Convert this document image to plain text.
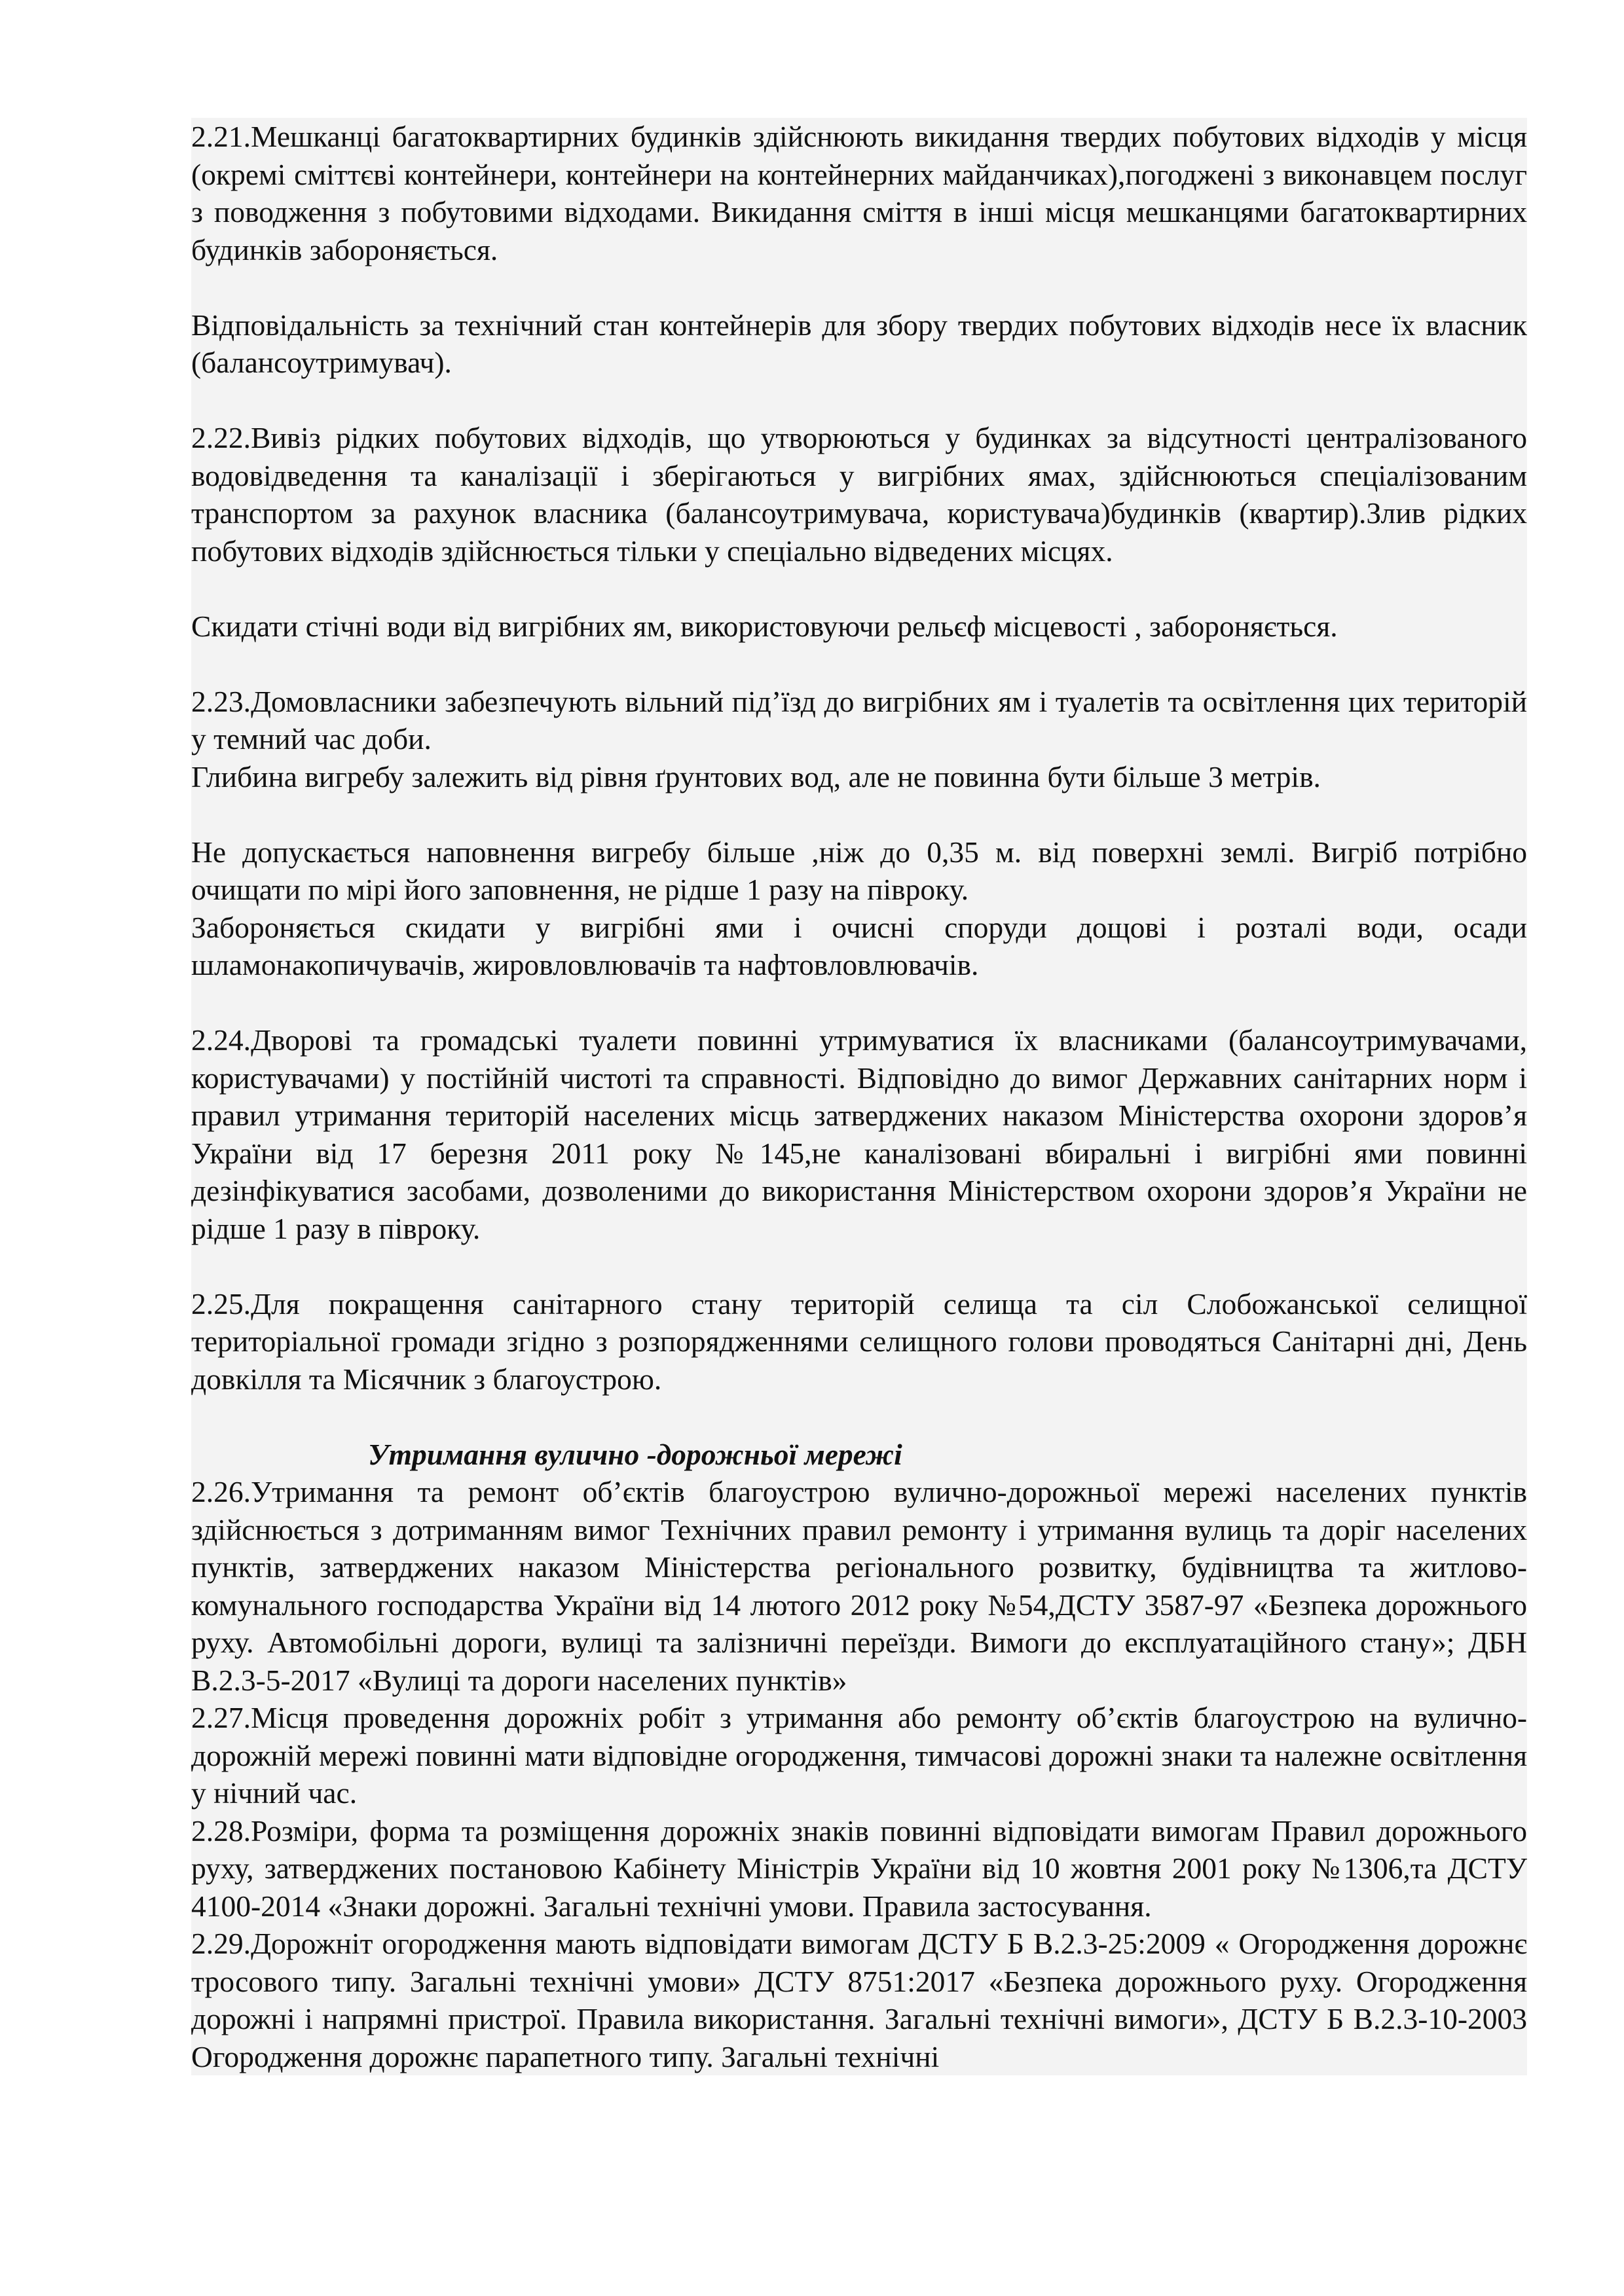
2.21.Мешканці багатоквартирних будинків здійснюють викидання твердих побутових відходів у місця (окремі сміттєві контейнери, контейнери на контейнерних майданчиках),погоджені з виконавцем послуг з поводження з побутовими відходами. Викидання сміття в інші місця мешканцями багатоквартирних будинків забороняється.

Відповідальність за технічний стан контейнерів для збору твердих побутових відходів несе їх власник (балансоутримувач).

2.22.Вивіз рідких побутових відходів, що утворюються у будинках за відсутності централізованого водовідведення та каналізації і зберігаються у вигрібних ямах, здійснюються спеціалізованим транспортом за рахунок власника (балансоутримувача, користувача)будинків (квартир).Злив рідких побутових відходів здійснюється тільки у спеціально відведених місцях.

Скидати стічні води від вигрібних ям, використовуючи рельєф місцевості , забороняється.

2.23.Домовласники забезпечують вільний під’їзд до вигрібних ям і туалетів та освітлення цих територій у темний час доби.

Глибина вигребу залежить від рівня ґрунтових вод, але не повинна бути більше 3 метрів.

Не допускається наповнення вигребу більше ,ніж до 0,35 м. від поверхні землі. Вигріб потрібно очищати по мірі його заповнення, не рідше 1 разу на півроку.

Забороняється скидати у вигрібні ями і очисні споруди дощові і розталі води, осади шламонакопичувачів, жировловлювачів та нафтовловлювачів.

2.24.Дворові та громадські туалети повинні утримуватися їх власниками (балансоутримувачами, користувачами) у постійній чистоті та справності. Відповідно до вимог Державних санітарних норм і правил утримання територій населених місць затверджених наказом Міністерства охорони здоров’я України від 17 березня 2011 року №145,не каналізовані вбиральні і вигрібні ями повинні дезінфікуватися засобами, дозволеними до використання Міністерством охорони здоров’я України не рідше 1 разу в півроку.

2.25.Для покращення санітарного стану територій селища та сіл Слобожанської селищної територіальної громади згідно з розпорядженнями селищного голови проводяться Санітарні дні, День довкілля та Місячник з благоустрою.

Утримання вулично -дорожньої мережі

2.26.Утримання та ремонт об’єктів благоустрою вулично-дорожньої мережі населених пунктів здійснюється з дотриманням вимог Технічних правил ремонту і утримання вулиць та доріг населених пунктів, затверджених наказом Міністерства регіонального розвитку, будівництва та житлово-комунального господарства України від 14 лютого 2012 року №54,ДСТУ 3587-97 «Безпека дорожнього руху. Автомобільні дороги, вулиці та залізничні переїзди. Вимоги до експлуатаційного стану»; ДБН В.2.3-5-2017 «Вулиці та дороги населених пунктів»

2.27.Місця проведення дорожніх робіт з утримання або ремонту об’єктів благоустрою на вулично-дорожній мережі повинні мати відповідне огородження, тимчасові дорожні знаки та належне освітлення у нічний час.

2.28.Розміри, форма та розміщення дорожніх знаків повинні відповідати вимогам Правил дорожнього руху, затверджених постановою Кабінету Міністрів України від 10 жовтня 2001 року №1306,та ДСТУ 4100-2014 «Знаки дорожні. Загальні технічні умови. Правила застосування.

2.29.Дорожніт огородження мають відповідати вимогам ДСТУ Б В.2.3-25:2009 « Огородження дорожнє тросового типу. Загальні технічні умови» ДСТУ 8751:2017 «Безпека дорожнього руху. Огородження дорожні і напрямні пристрої. Правила використання. Загальні технічні вимоги», ДСТУ Б В.2.3-10-2003 Огородження дорожнє парапетного типу. Загальні технічні
